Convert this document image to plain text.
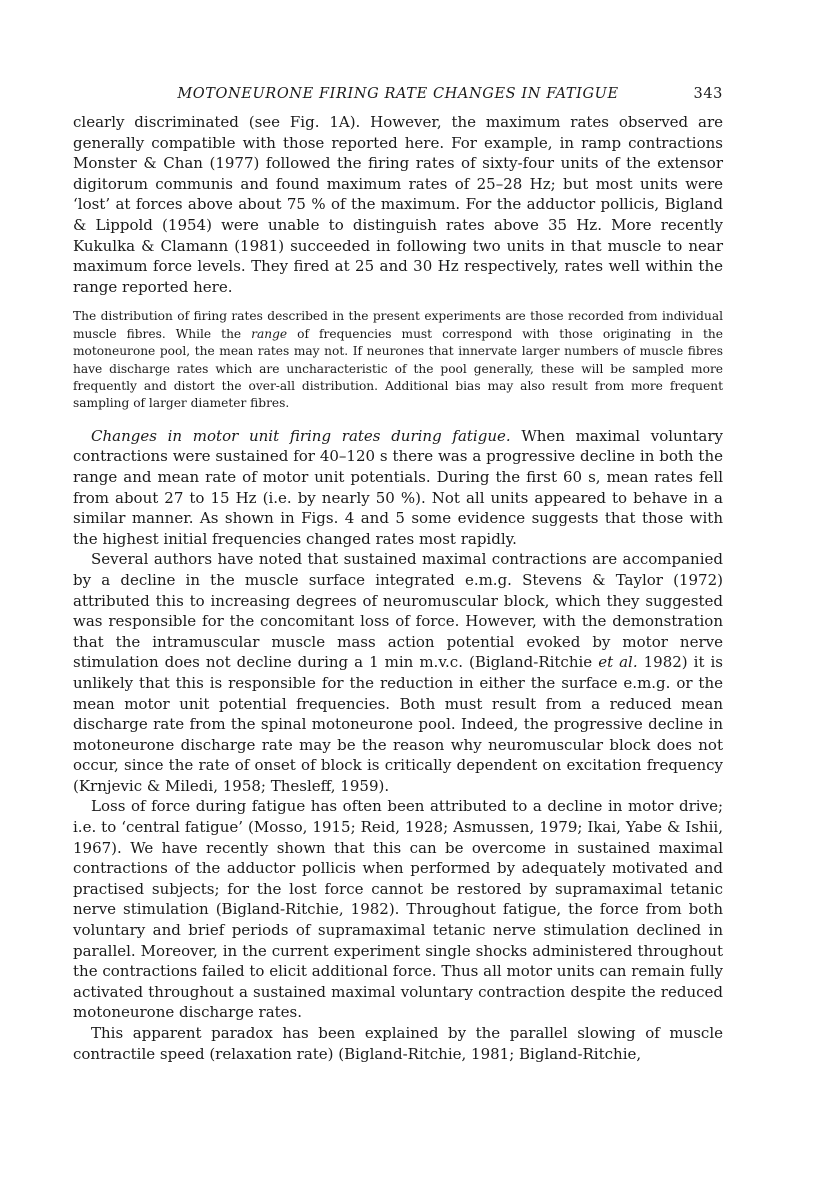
MOTONEURONE FIRING RATE CHANGES IN FATIGUE	343

clearly discriminated (see Fig. 1A). However, the maximum rates observed are generally compatible with those reported here. For example, in ramp contractions Monster & Chan (1977) followed the firing rates of sixty-four units of the extensor digitorum communis and found maximum rates of 25–28 Hz; but most units were ‘lost’ at forces above about 75 % of the maximum. For the adductor pollicis, Bigland & Lippold (1954) were unable to distinguish rates above 35 Hz. More recently Kukulka & Clamann (1981) succeeded in following two units in that muscle to near maximum force levels. They fired at 25 and 30 Hz respectively, rates well within the range reported here.

The distribution of firing rates described in the present experiments are those recorded from individual muscle fibres. While the range of frequencies must correspond with those originating in the motoneurone pool, the mean rates may not. If neurones that innervate larger numbers of muscle fibres have discharge rates which are uncharacteristic of the pool generally, these will be sampled more frequently and distort the over-all distribution. Additional bias may also result from more frequent sampling of larger diameter fibres.

Changes in motor unit firing rates during fatigue. When maximal voluntary contractions were sustained for 40–120 s there was a progressive decline in both the range and mean rate of motor unit potentials. During the first 60 s, mean rates fell from about 27 to 15 Hz (i.e. by nearly 50 %). Not all units appeared to behave in a similar manner. As shown in Figs. 4 and 5 some evidence suggests that those with the highest initial frequencies changed rates most rapidly.

Several authors have noted that sustained maximal contractions are accompanied by a decline in the muscle surface integrated e.m.g. Stevens & Taylor (1972) attributed this to increasing degrees of neuromuscular block, which they suggested was responsible for the concomitant loss of force. However, with the demonstration that the intramuscular muscle mass action potential evoked by motor nerve stimulation does not decline during a 1 min m.v.c. (Bigland-Ritchie et al. 1982) it is unlikely that this is responsible for the reduction in either the surface e.m.g. or the mean motor unit potential frequencies. Both must result from a reduced mean discharge rate from the spinal motoneurone pool. Indeed, the progressive decline in motoneurone discharge rate may be the reason why neuromuscular block does not occur, since the rate of onset of block is critically dependent on excitation frequency (Krnjevic & Miledi, 1958; Thesleff, 1959).

Loss of force during fatigue has often been attributed to a decline in motor drive; i.e. to ‘central fatigue’ (Mosso, 1915; Reid, 1928; Asmussen, 1979; Ikai, Yabe & Ishii, 1967). We have recently shown that this can be overcome in sustained maximal contractions of the adductor pollicis when performed by adequately motivated and practised subjects; for the lost force cannot be restored by supramaximal tetanic nerve stimulation (Bigland-Ritchie, 1982). Throughout fatigue, the force from both voluntary and brief periods of supramaximal tetanic nerve stimulation declined in parallel. Moreover, in the current experiment single shocks administered throughout the contractions failed to elicit additional force. Thus all motor units can remain fully activated throughout a sustained maximal voluntary contraction despite the reduced motoneurone discharge rates.

This apparent paradox has been explained by the parallel slowing of muscle contractile speed (relaxation rate) (Bigland-Ritchie, 1981; Bigland-Ritchie,
